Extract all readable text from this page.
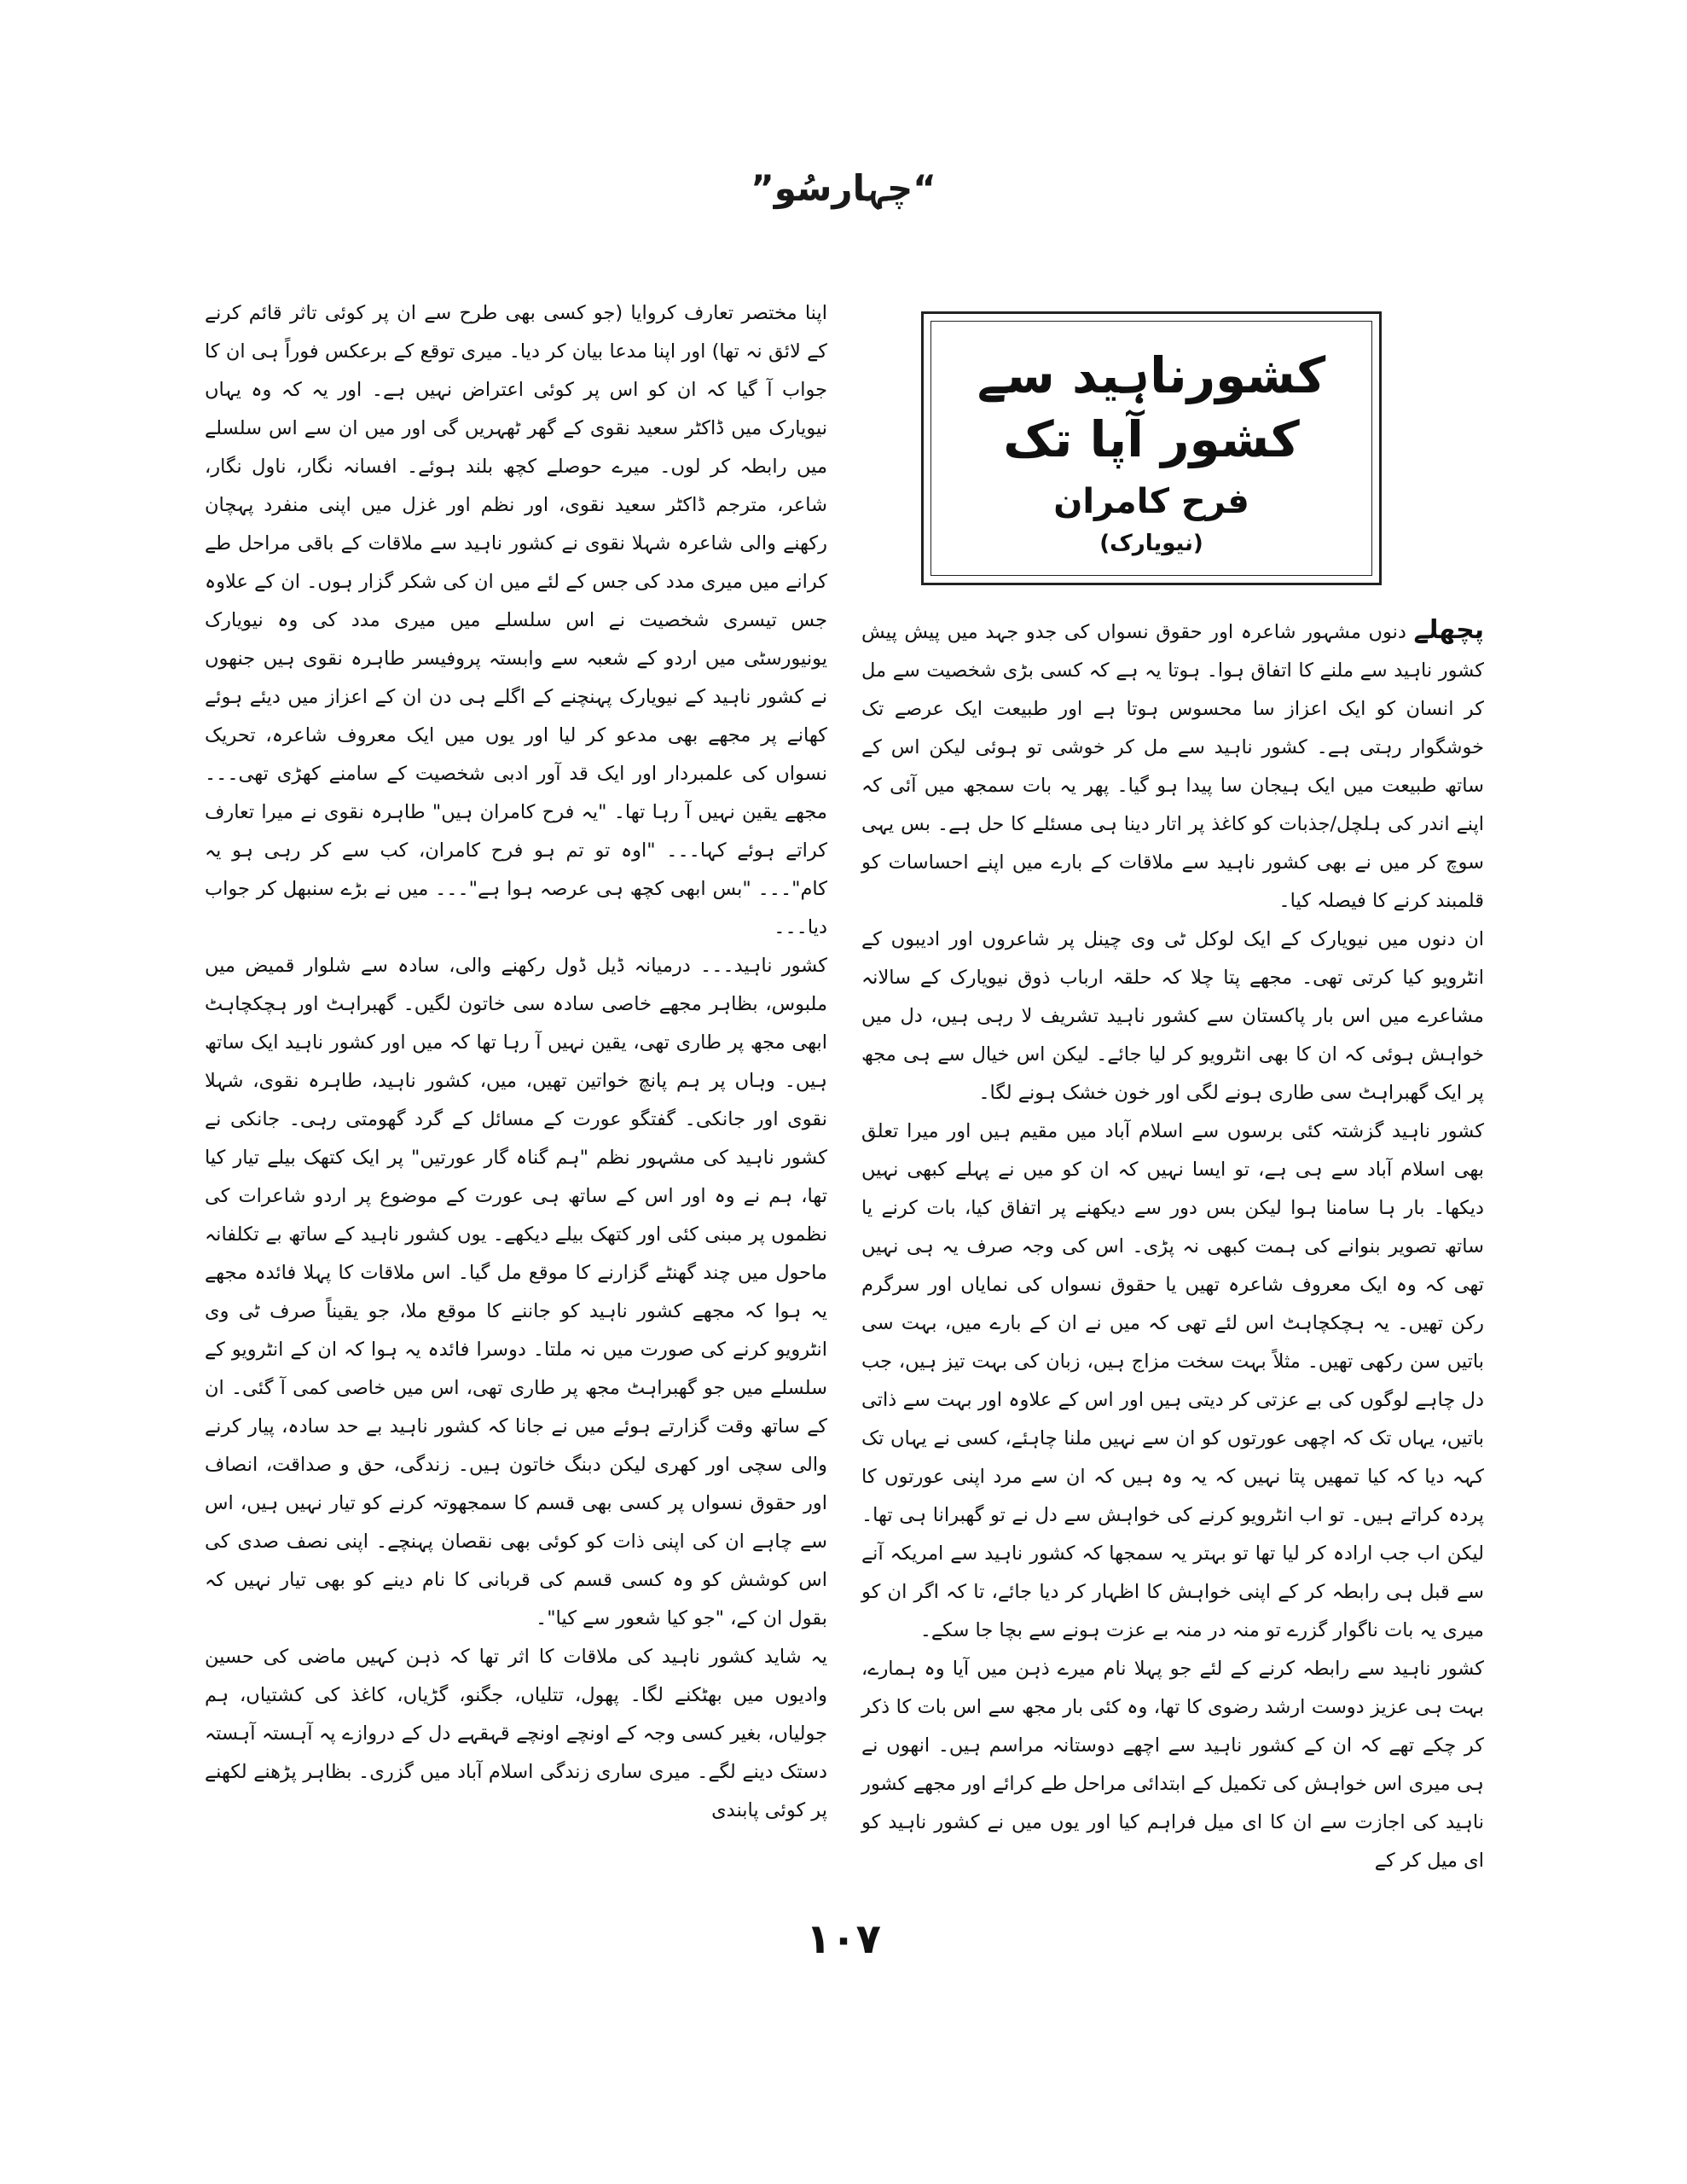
”چہارسُو“
کشورناہید سے کشور آپا تک
فرح کامران
(نیویارک)

پچھلے دنوں مشہور شاعرہ اور حقوق نسواں کی جدو جہد میں پیش پیش کشور ناہید سے ملنے کا اتفاق ہوا۔ ہوتا یہ ہے کہ کسی بڑی شخصیت سے مل کر انسان کو ایک اعزاز سا محسوس ہوتا ہے اور طبیعت ایک عرصے تک خوشگوار رہتی ہے۔ کشور ناہید سے مل کر خوشی تو ہوئی لیکن اس کے ساتھ طبیعت میں ایک ہیجان سا پیدا ہو گیا۔ پھر یہ بات سمجھ میں آئی کہ اپنے اندر کی ہلچل/جذبات کو کاغذ پر اتار دینا ہی مسئلے کا حل ہے۔ بس یہی سوچ کر میں نے بھی کشور ناہید سے ملاقات کے بارے میں اپنے احساسات کو قلمبند کرنے کا فیصلہ کیا۔

ان دنوں میں نیویارک کے ایک لوکل ٹی وی چینل پر شاعروں اور ادیبوں کے انٹرویو کیا کرتی تھی۔ مجھے پتا چلا کہ حلقہ ارباب ذوق نیویارک کے سالانہ مشاعرے میں اس بار پاکستان سے کشور ناہید تشریف لا رہی ہیں، دل میں خواہش ہوئی کہ ان کا بھی انٹرویو کر لیا جائے۔ لیکن اس خیال سے ہی مجھ پر ایک گھبراہٹ سی طاری ہونے لگی اور خون خشک ہونے لگا۔

کشور ناہید گزشتہ کئی برسوں سے اسلام آباد میں مقیم ہیں اور میرا تعلق بھی اسلام آباد سے ہی ہے، تو ایسا نہیں کہ ان کو میں نے پہلے کبھی نہیں دیکھا۔ بار ہا سامنا ہوا لیکن بس دور سے دیکھنے پر اتفاق کیا، بات کرنے یا ساتھ تصویر بنوانے کی ہمت کبھی نہ پڑی۔ اس کی وجہ صرف یہ ہی نہیں تھی کہ وہ ایک معروف شاعرہ تھیں یا حقوق نسواں کی نمایاں اور سرگرم رکن تھیں۔ یہ ہچکچاہٹ اس لئے تھی کہ میں نے ان کے بارے میں، بہت سی باتیں سن رکھی تھیں۔ مثلاً بہت سخت مزاج ہیں، زبان کی بہت تیز ہیں، جب دل چاہے لوگوں کی بے عزتی کر دیتی ہیں اور اس کے علاوہ اور بہت سے ذاتی باتیں، یہاں تک کہ اچھی عورتوں کو ان سے نہیں ملنا چاہئے، کسی نے یہاں تک کہہ دیا کہ کیا تمھیں پتا نہیں کہ یہ وہ ہیں کہ ان سے مرد اپنی عورتوں کا پردہ کراتے ہیں۔ تو اب انٹرویو کرنے کی خواہش سے دل نے تو گھبرانا ہی تھا۔ لیکن اب جب ارادہ کر لیا تھا تو بہتر یہ سمجھا کہ کشور ناہید سے امریکہ آنے سے قبل ہی رابطہ کر کے اپنی خواہش کا اظہار کر دیا جائے، تا کہ اگر ان کو میری یہ بات ناگوار گزرے تو منہ در منہ بے عزت ہونے سے بچا جا سکے۔

کشور ناہید سے رابطہ کرنے کے لئے جو پہلا نام میرے ذہن میں آیا وہ ہمارے، بہت ہی عزیز دوست ارشد رضوی کا تھا، وہ کئی بار مجھ سے اس بات کا ذکر کر چکے تھے کہ ان کے کشور ناہید سے اچھے دوستانہ مراسم ہیں۔ انھوں نے ہی میری اس خواہش کی تکمیل کے ابتدائی مراحل طے کرائے اور مجھے کشور ناہید کی اجازت سے ان کا ای میل فراہم کیا اور یوں میں نے کشور ناہید کو ای میل کر کے

اپنا مختصر تعارف کروایا (جو کسی بھی طرح سے ان پر کوئی تاثر قائم کرنے کے لائق نہ تھا) اور اپنا مدعا بیان کر دیا۔ میری توقع کے برعکس فوراً ہی ان کا جواب آ گیا کہ ان کو اس پر کوئی اعتراض نہیں ہے۔ اور یہ کہ وہ یہاں نیویارک میں ڈاکٹر سعید نقوی کے گھر ٹھہریں گی اور میں ان سے اس سلسلے میں رابطہ کر لوں۔ میرے حوصلے کچھ بلند ہوئے۔ افسانہ نگار، ناول نگار، شاعر، مترجم ڈاکٹر سعید نقوی، اور نظم اور غزل میں اپنی منفرد پہچان رکھنے والی شاعرہ شہلا نقوی نے کشور ناہید سے ملاقات کے باقی مراحل طے کرانے میں میری مدد کی جس کے لئے میں ان کی شکر گزار ہوں۔ ان کے علاوہ جس تیسری شخصیت نے اس سلسلے میں میری مدد کی وہ نیویارک یونیورسٹی میں اردو کے شعبہ سے وابستہ پروفیسر طاہرہ نقوی ہیں جنھوں نے کشور ناہید کے نیویارک پہنچنے کے اگلے ہی دن ان کے اعزاز میں دیئے ہوئے کھانے پر مجھے بھی مدعو کر لیا اور یوں میں ایک معروف شاعرہ، تحریک نسواں کی علمبردار اور ایک قد آور ادبی شخصیت کے سامنے کھڑی تھی۔۔۔ مجھے یقین نہیں آ رہا تھا۔ "یہ فرح کامران ہیں" طاہرہ نقوی نے میرا تعارف کراتے ہوئے کہا۔۔۔ "اوہ تو تم ہو فرح کامران، کب سے کر رہی ہو یہ کام"۔۔۔ "بس ابھی کچھ ہی عرصہ ہوا ہے"۔۔۔ میں نے بڑے سنبھل کر جواب دیا۔۔۔

کشور ناہید۔۔۔ درمیانہ ڈیل ڈول رکھنے والی، سادہ سے شلوار قمیض میں ملبوس، بظاہر مجھے خاصی سادہ سی خاتون لگیں۔ گھبراہٹ اور ہچکچاہٹ ابھی مجھ پر طاری تھی، یقین نہیں آ رہا تھا کہ میں اور کشور ناہید ایک ساتھ ہیں۔ وہاں پر ہم پانچ خواتین تھیں، میں، کشور ناہید، طاہرہ نقوی، شہلا نقوی اور جانکی۔ گفتگو عورت کے مسائل کے گرد گھومتی رہی۔ جانکی نے کشور ناہید کی مشہور نظم "ہم گناہ گار عورتیں" پر ایک کتھک بیلے تیار کیا تھا، ہم نے وہ اور اس کے ساتھ ہی عورت کے موضوع پر اردو شاعرات کی نظموں پر مبنی کئی اور کتھک بیلے دیکھے۔ یوں کشور ناہید کے ساتھ بے تکلفانہ ماحول میں چند گھنٹے گزارنے کا موقع مل گیا۔ اس ملاقات کا پہلا فائدہ مجھے یہ ہوا کہ مجھے کشور ناہید کو جاننے کا موقع ملا، جو یقیناً صرف ٹی وی انٹرویو کرنے کی صورت میں نہ ملتا۔ دوسرا فائدہ یہ ہوا کہ ان کے انٹرویو کے سلسلے میں جو گھبراہٹ مجھ پر طاری تھی، اس میں خاصی کمی آ گئی۔ ان کے ساتھ وقت گزارتے ہوئے میں نے جانا کہ کشور ناہید بے حد سادہ، پیار کرنے والی سچی اور کھری لیکن دبنگ خاتون ہیں۔ زندگی، حق و صداقت، انصاف اور حقوق نسواں پر کسی بھی قسم کا سمجھوتہ کرنے کو تیار نہیں ہیں، اس سے چاہے ان کی اپنی ذات کو کوئی بھی نقصان پہنچے۔ اپنی نصف صدی کی اس کوشش کو وہ کسی قسم کی قربانی کا نام دینے کو بھی تیار نہیں کہ بقول ان کے، "جو کیا شعور سے کیا"۔

یہ شاید کشور ناہید کی ملاقات کا اثر تھا کہ ذہن کہیں ماضی کی حسین وادیوں میں بھٹکنے لگا۔ پھول، تتلیاں، جگنو، گڑیاں، کاغذ کی کشتیاں، ہم جولیاں، بغیر کسی وجہ کے اونچے اونچے قہقہے دل کے دروازے پہ آہستہ آہستہ دستک دینے لگے۔ میری ساری زندگی اسلام آباد میں گزری۔ بظاہر پڑھنے لکھنے پر کوئی پابندی

۱۰۷
